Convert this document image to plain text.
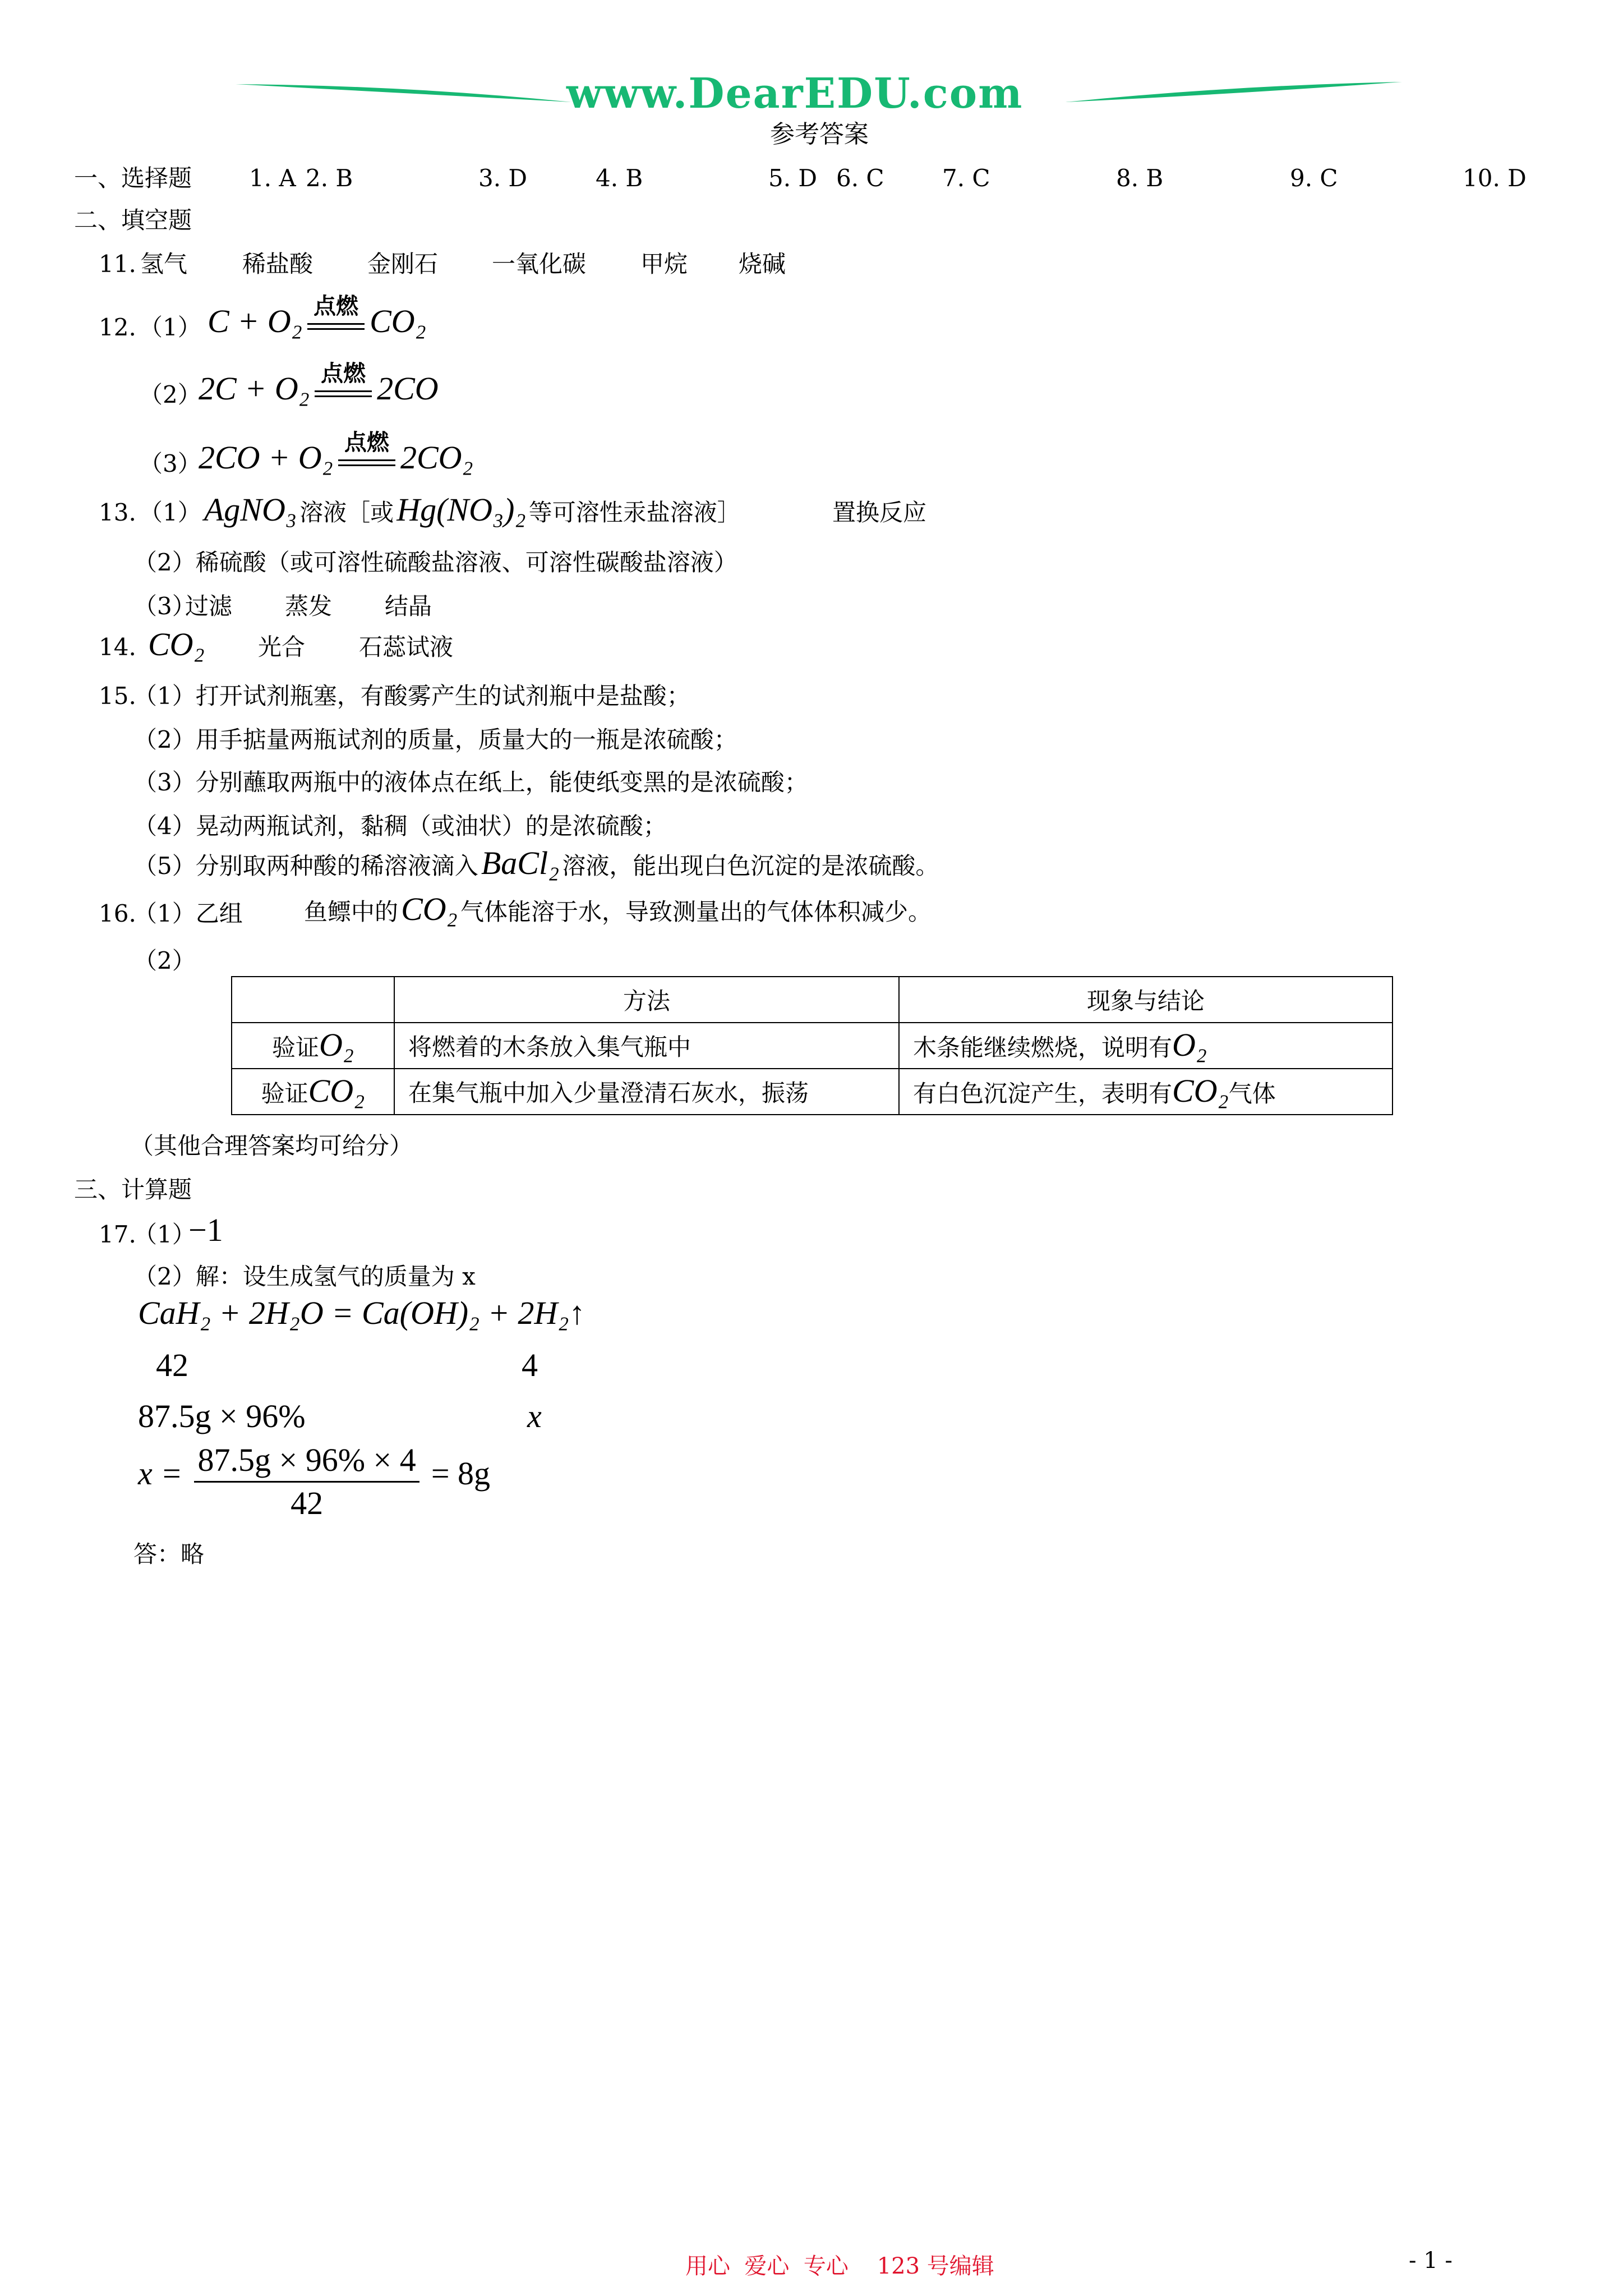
www.DearEDU.com
参考答案
一、选择题 1. A 2. B	3. D	4. B	5. D 6. C 7. C	8. B	9. C	10. D
二、填空题
11. 氢气 稀盐酸 金刚石 一氧化碳 甲烷 烧碱
12. （1） C + O₂ 点燃 CO₂
（2）
2C + O₂ 点燃 2CO
（3）
2CO + O₂ 点燃 2CO₂
13. （1） AgNO₃ 溶液［或 Hg(NO₃)₂ 等可溶性汞盐溶液］	置换反应
（2）稀硫酸（或可溶性硫酸盐溶液、可溶性碳酸盐溶液）
（3）
过滤 蒸发 结晶
14. CO₂ 光合 石蕊试液
15.
（1）打开试剂瓶塞，有酸雾产生的试剂瓶中是盐酸；
（2）用手掂量两瓶试剂的质量，质量大的一瓶是浓硫酸；
（3）分别蘸取两瓶中的液体点在纸上，能使纸变黑的是浓硫酸；
（4）晃动两瓶试剂，黏稠（或油状）的是浓硫酸；
（5）分别取两种酸的稀溶液滴入 BaCl₂ 溶液，能出现白色沉淀的是浓硫酸。
16.
（1）乙组	鱼鳔中的 CO₂ 气体能溶于水，导致测量出的气体体积减少。
（2）
	方法	现象与结论
验证O₂	将燃着的木条放入集气瓶中	木条能继续燃烧，说明有O₂
验证CO₂	在集气瓶中加入少量澄清石灰水，振荡	有白色沉淀产生，表明有CO₂气体
（其他合理答案均可给分）
三、计算题
17.
（1）
−1
（2）解：设生成氢气的质量为 x
CaH₂ + 2H₂O = Ca(OH)₂ + 2H₂↑
42	4
87.5g × 96%	x
$x = \frac{87.5g \times 96\% \times 4}{42} = 8g$
答：略
用心  爱心  专心    123 号编辑	- 1 -
